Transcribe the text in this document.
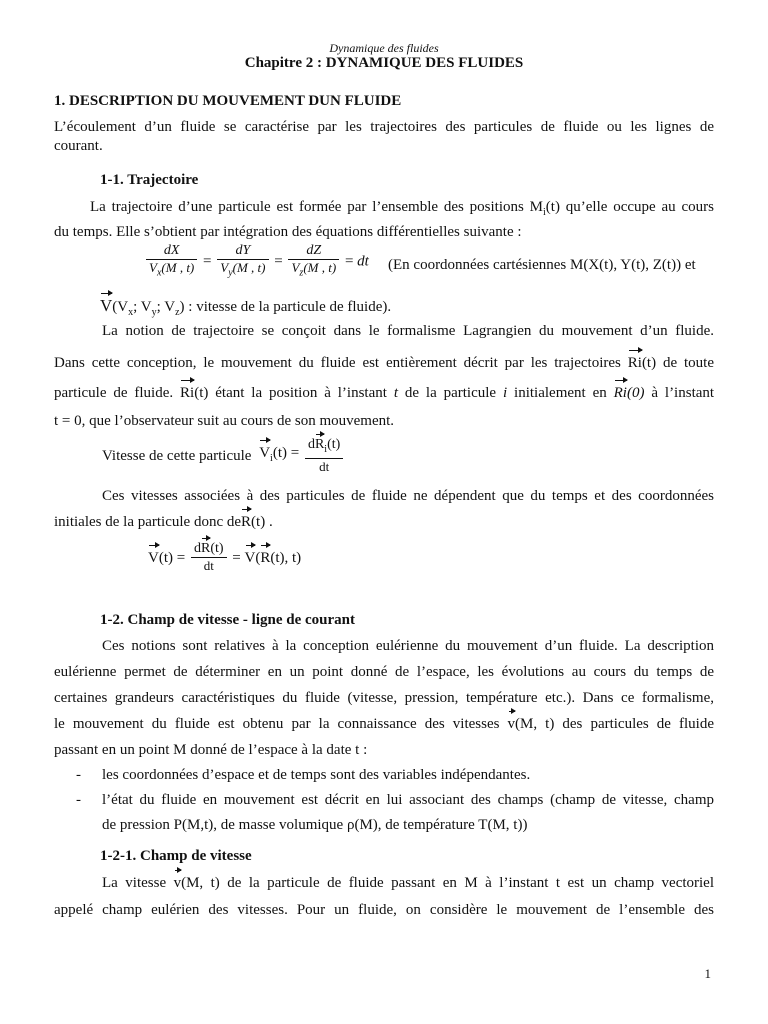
Dynamique des fluides
Chapitre 2 : DYNAMIQUE DES FLUIDES
1. DESCRIPTION DU MOUVEMENT DUN FLUIDE
L’écoulement d’un fluide se caractérise par les trajectoires des particules de fluide ou les lignes de
courant.
1-1. Trajectoire
La trajectoire d’une particule est formée par l’ensemble des positions $M_i(t)$ qu’elle occupe au cours
du temps. Elle s’obtient par intégration des équations différentielles suivante :
$\frac{dX}{V_x(M , t)} = \frac{dY}{V_y(M , t)} = \frac{dZ}{V_z(M , t)}$ = dt (En coordonnées cartésiennes M(X(t), Y(t), Z(t)) et
$V(V_x$; $V_y$; $V_z$) : vitesse de la particule de fluide).
La notion de trajectoire se conçoit dans le formalisme Lagrangien du mouvement d’un fluide.
Dans cette conception, le mouvement du fluide est entièrement décrit par les trajectoires Ri(t) de toute
particule de fluide. Ri(t) étant la position à l’instant t de la particule i initialement en Ri(0) à l’instant
t = 0, que l’observateur suit au cours de son mouvement.
Vitesse de cette particule $V_i(t) = \frac{dR_i(t)}{dt}$
Ces vitesses associées à des particules de fluide ne dépendent que du temps et des coordonnées
initiales de la particule donc deR(t) .
$V(t) = \frac{dR(t)}{dt} = V(R(t)$, t)
1-2. Champ de vitesse - ligne de courant
Ces notions sont relatives à la conception eulérienne du mouvement d’un fluide. La description
eulérienne permet de déterminer en un point donné de l’espace, les évolutions au cours du temps de
certaines grandeurs caractéristiques du fluide (vitesse, pression, température etc.). Dans ce formalisme,
le mouvement du fluide est obtenu par la connaissance des vitesses v(M, t) des particules de fluide
passant en un point M donné de l’espace à la date t :
- les coordonnées d’espace et de temps sont des variables indépendantes.
- l’état du fluide en mouvement est décrit en lui associant des champs (champ de vitesse, champ
de pression P(M,t), de masse volumique ρ(M), de température T(M, t))
1-2-1. Champ de vitesse
La vitesse v(M, t) de la particule de fluide passant en M à l’instant t est un champ vectoriel
appelé champ eulérien des vitesses. Pour un fluide, on considère le mouvement de l’ensemble des
1
